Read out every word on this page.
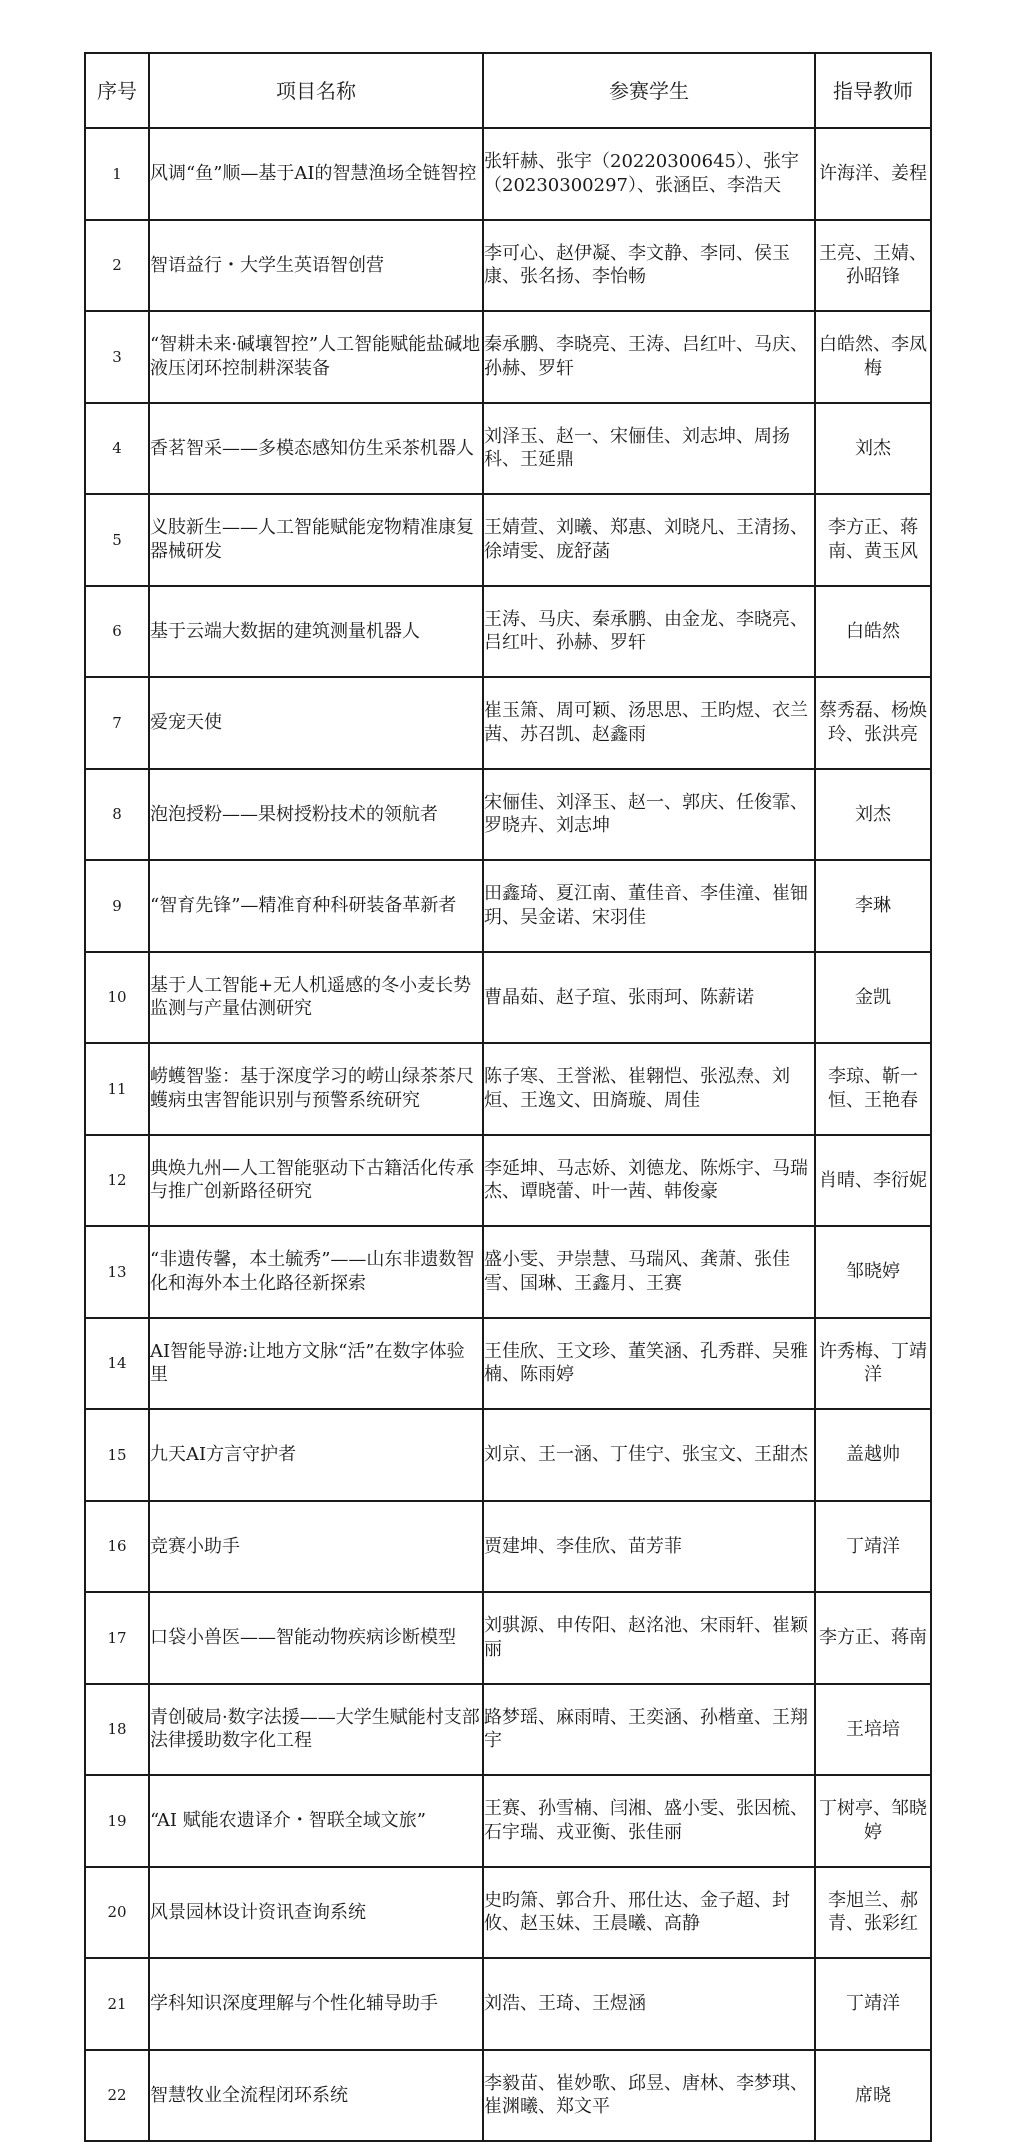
序号	项目名称	参赛学生	指导教师
1	风调“鱼”顺—基于AI的智慧渔场全链智控	张轩赫、张宇（20220300645）、张宇（20230300297）、张涵臣、李浩天	许海洋、姜程
2	智语益行・大学生英语智创营	李可心、赵伊凝、李文静、李同、侯玉康、张名扬、李怡畅	王亮、王婧、孙昭锋
3	“智耕未来·碱壤智控”人工智能赋能盐碱地液压闭环控制耕深装备	秦承鹏、李晓亮、王涛、吕红叶、马庆、孙赫、罗轩	白皓然、李凤梅
4	香茗智采——多模态感知仿生采茶机器人	刘泽玉、赵一、宋俪佳、刘志坤、周扬科、王延鼎	刘杰
5	义肢新生——人工智能赋能宠物精准康复器械研发	王婧萱、刘曦、郑惠、刘晓凡、王清扬、徐靖雯、庞舒菡	李方正、蒋南、黄玉风
6	基于云端大数据的建筑测量机器人	王涛、马庆、秦承鹏、由金龙、李晓亮、吕红叶、孙赫、罗轩	白皓然
7	爱宠天使	崔玉箫、周可颖、汤思思、王昀煜、衣兰茜、苏召凯、赵鑫雨	蔡秀磊、杨焕玲、张洪亮
8	泡泡授粉——果树授粉技术的领航者	宋俪佳、刘泽玉、赵一、郭庆、任俊霏、罗晓卉、刘志坤	刘杰
9	“智育先锋”—精准育种科研装备革新者	田鑫琦、夏江南、董佳音、李佳潼、崔钿玥、吴金诺、宋羽佳	李琳
10	基于人工智能+无人机遥感的冬小麦长势监测与产量估测研究	曹晶茹、赵子瑄、张雨珂、陈薪诺	金凯
11	崂蠖智鉴：基于深度学习的崂山绿茶茶尺蠖病虫害智能识别与预警系统研究	陈子寒、王誉淞、崔翱恺、张泓焘、刘烜、王逸文、田旖璇、周佳	李琼、靳一恒、王艳春
12	典焕九州—人工智能驱动下古籍活化传承与推广创新路径研究	李延坤、马志娇、刘德龙、陈烁宇、马瑞杰、谭晓蕾、叶一茜、韩俊豪	肖晴、李衍妮
13	“非遗传馨，本土毓秀”——山东非遗数智化和海外本土化路径新探索	盛小雯、尹崇慧、马瑞风、龚萧、张佳雪、国琳、王鑫月、王赛	邹晓婷
14	AI智能导游:让地方文脉“活”在数字体验里	王佳欣、王文珍、董笑涵、孔秀群、吴雅楠、陈雨婷	许秀梅、丁靖洋
15	九天AI方言守护者	刘京、王一涵、丁佳宁、张宝文、王甜杰	盖越帅
16	竞赛小助手	贾建坤、李佳欣、苗芳菲	丁靖洋
17	口袋小兽医——智能动物疾病诊断模型	刘骐源、申传阳、赵洺池、宋雨轩、崔颖丽	李方正、蒋南
18	青创破局·数字法援——大学生赋能村支部法律援助数字化工程	路梦瑶、麻雨晴、王奕涵、孙楷童、王翔宇	王培培
19	“AI 赋能农遗译介・智联全域文旅”	王赛、孙雪楠、闫湘、盛小雯、张因梳、石宇瑞、戎亚衡、张佳丽	丁树亭、邹晓婷
20	风景园林设计资讯查询系统	史昀箫、郭合升、邢仕达、金子超、封攸、赵玉妹、王晨曦、高静	李旭兰、郝青、张彩红
21	学科知识深度理解与个性化辅导助手	刘浩、王琦、王煜涵	丁靖洋
22	智慧牧业全流程闭环系统	李毅苗、崔妙歌、邱昱、唐林、李梦琪、崔渊曦、郑文平	席晓
